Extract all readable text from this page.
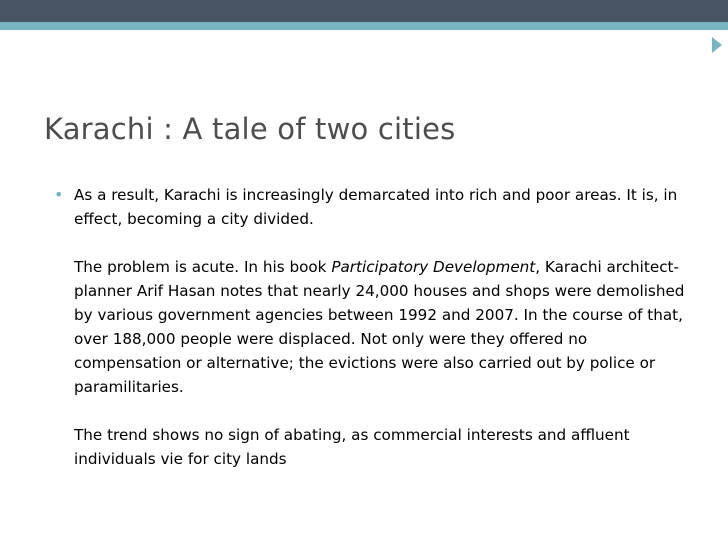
Karachi : A tale of two cities
• As a result, Karachi is increasingly demarcated into rich and poor areas. It is, in effect, becoming a city divided.

The problem is acute. In his book Participatory Development, Karachi architect-planner Arif Hasan notes that nearly 24,000 houses and shops were demolished by various government agencies between 1992 and 2007. In the course of that, over 188,000 people were displaced. Not only were they offered no compensation or alternative; the evictions were also carried out by police or paramilitaries.

The trend shows no sign of abating, as commercial interests and affluent individuals vie for city lands
